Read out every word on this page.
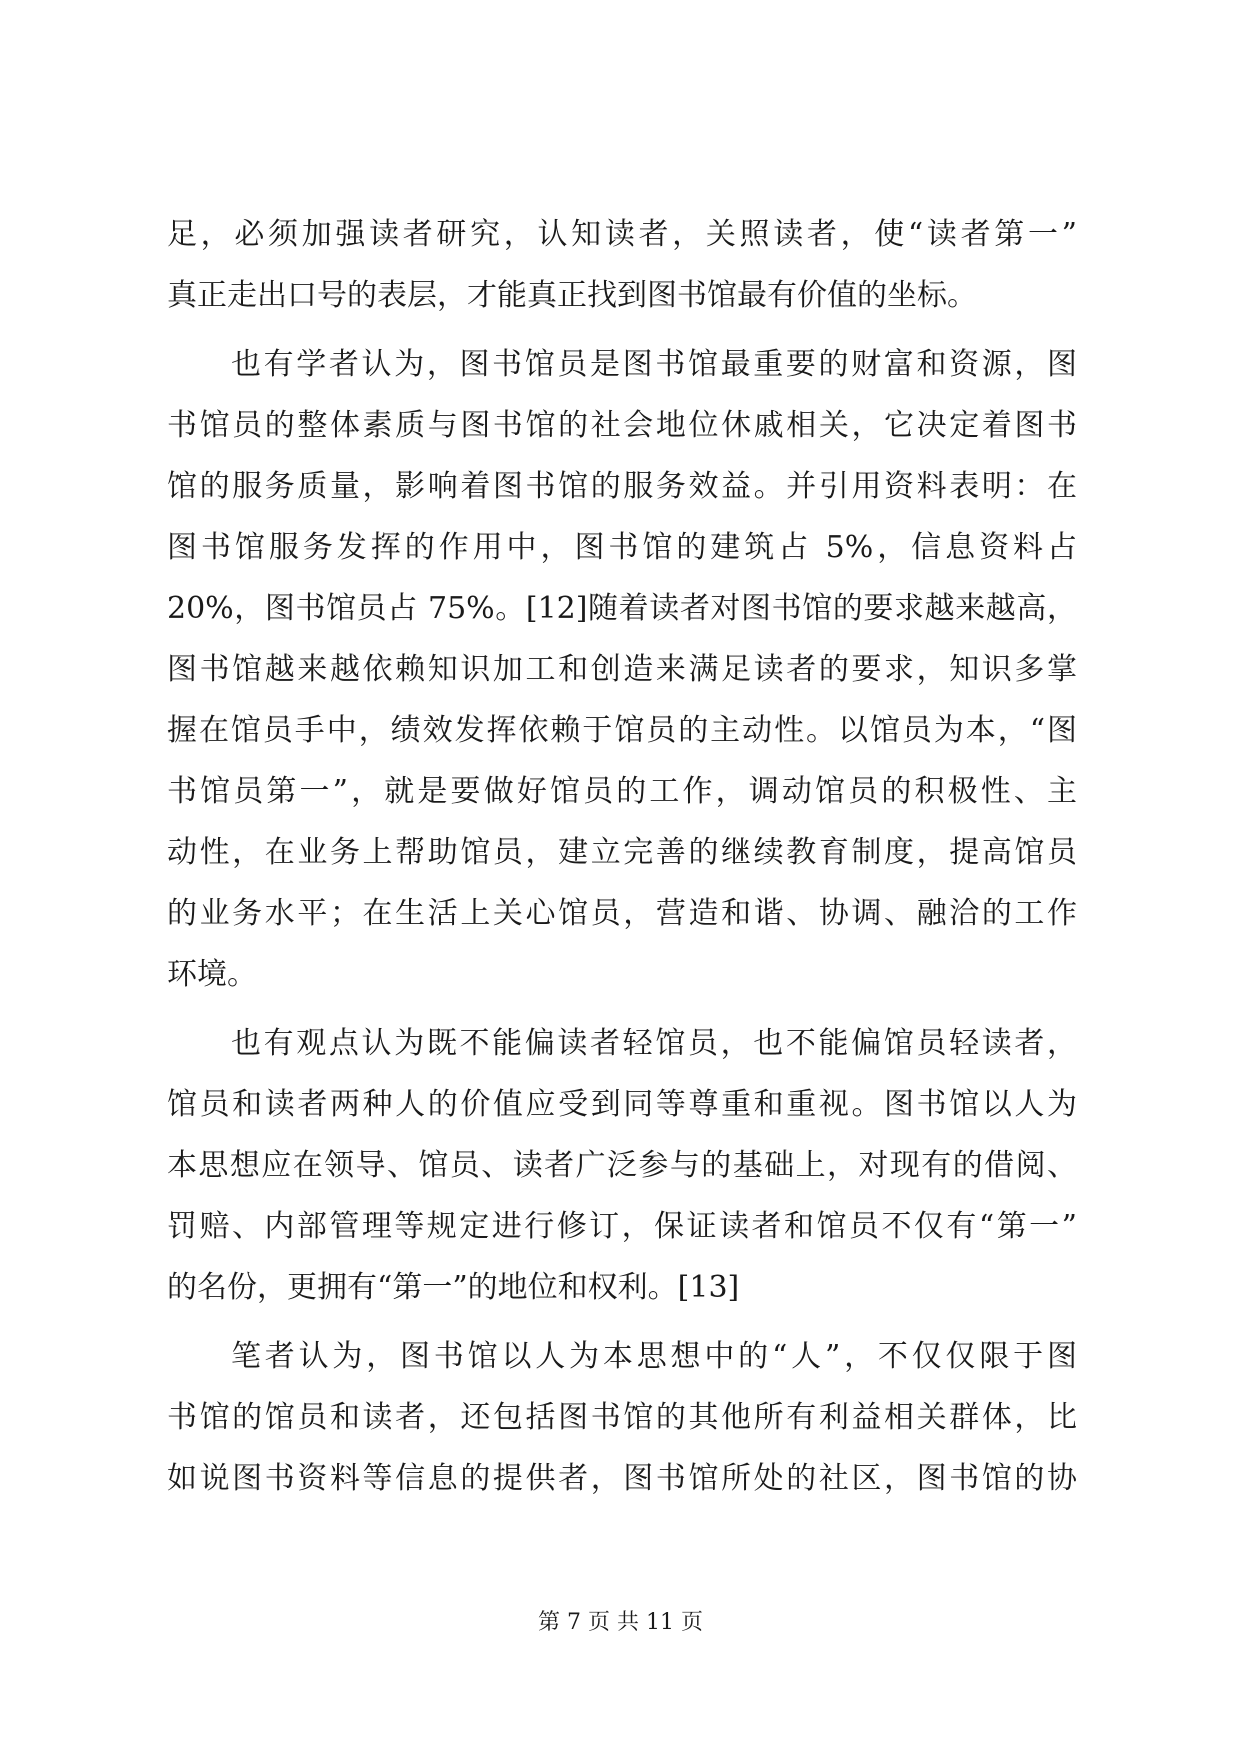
足，必须加强读者研究，认知读者，关照读者，使“读者第一”
真正走出口号的表层，才能真正找到图书馆最有价值的坐标。
也有学者认为，图书馆员是图书馆最重要的财富和资源，图
书馆员的整体素质与图书馆的社会地位休戚相关，它决定着图书
馆的服务质量，影响着图书馆的服务效益。并引用资料表明：在
图书馆服务发挥的作用中，图书馆的建筑占 5%，信息资料占
20%，图书馆员占 75%。[12]随着读者对图书馆的要求越来越高，
图书馆越来越依赖知识加工和创造来满足读者的要求，知识多掌
握在馆员手中，绩效发挥依赖于馆员的主动性。以馆员为本，“图
书馆员第一”，就是要做好馆员的工作，调动馆员的积极性、主
动性，在业务上帮助馆员，建立完善的继续教育制度，提高馆员
的业务水平；在生活上关心馆员，营造和谐、协调、融洽的工作
环境。
也有观点认为既不能偏读者轻馆员，也不能偏馆员轻读者，
馆员和读者两种人的价值应受到同等尊重和重视。图书馆以人为
本思想应在领导、馆员、读者广泛参与的基础上，对现有的借阅、
罚赔、内部管理等规定进行修订，保证读者和馆员不仅有“第一”
的名份，更拥有“第一”的地位和权利。[13]
笔者认为，图书馆以人为本思想中的“人”，不仅仅限于图
书馆的馆员和读者，还包括图书馆的其他所有利益相关群体，比
如说图书资料等信息的提供者，图书馆所处的社区，图书馆的协
第 7 页 共 11 页
